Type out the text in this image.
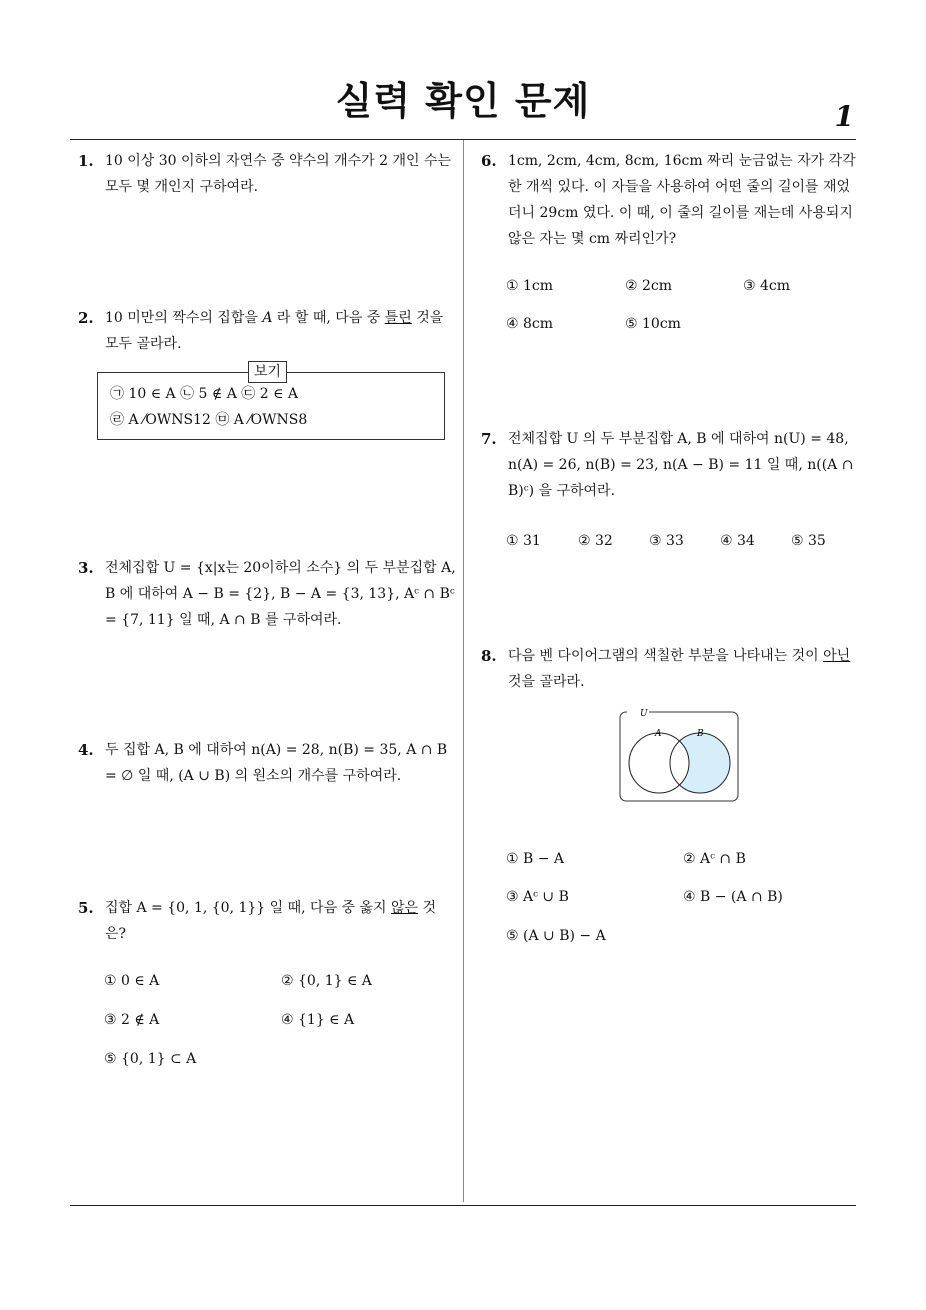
실력 확인 문제	1
1. 10 이상 30 이하의 자연수 중 약수의 개수가 2 개인 수는 모두 몇 개인지 구하여라.
2. 10 미만의 짝수의 집합을 A 라 할 때, 다음 중 틀린 것을 모두 골라라.
보기
㉠ 10 ∈ A ㉡ 5 ∉ A ㉢ 2 ∈ A
㉣ A ⁄OWNS12 ㉤ A ⁄OWNS8
3. 전체집합 U = {x|x는 20이하의 소수} 의 두 부분집합 A, B 에 대하여 A − B = {2}, B − A = {3, 13}, Aᶜ ∩ Bᶜ = {7, 11} 일 때, A ∩ B 를 구하여라.
4. 두 집합 A, B 에 대하여 n(A) = 28, n(B) = 35, A ∩ B = ∅ 일 때, (A ∪ B) 의 원소의 개수를 구하여라.
5. 집합 A = {0, 1, {0, 1}} 일 때, 다음 중 옳지 않은 것은?
① 0 ∈ A	② {0, 1} ∈ A
③ 2 ∉ A	④ {1} ∈ A
⑤ {0, 1} ⊂ A
6. 1cm, 2cm, 4cm, 8cm, 16cm 짜리 눈금없는 자가 각각 한 개씩 있다. 이 자들을 사용하여 어떤 줄의 길이를 재었더니 29cm 였다. 이 때, 이 줄의 길이를 재는데 사용되지 않은 자는 몇 cm 짜리인가?
① 1cm	② 2cm	③ 4cm
④ 8cm	⑤ 10cm
7. 전체집합 U 의 두 부분집합 A, B 에 대하여 n(U) = 48, n(A) = 26, n(B) = 23, n(A − B) = 11 일 때, n((A ∩ B)ᶜ) 을 구하여라.
① 31	② 32	③ 33	④ 34	⑤ 35
8. 다음 벤 다이어그램의 색칠한 부분을 나타내는 것이 아닌 것을 골라라.
U
A	B
① B − A	② Aᶜ ∩ B
③ Aᶜ ∪ B	④ B − (A ∩ B)
⑤ (A ∪ B) − A
